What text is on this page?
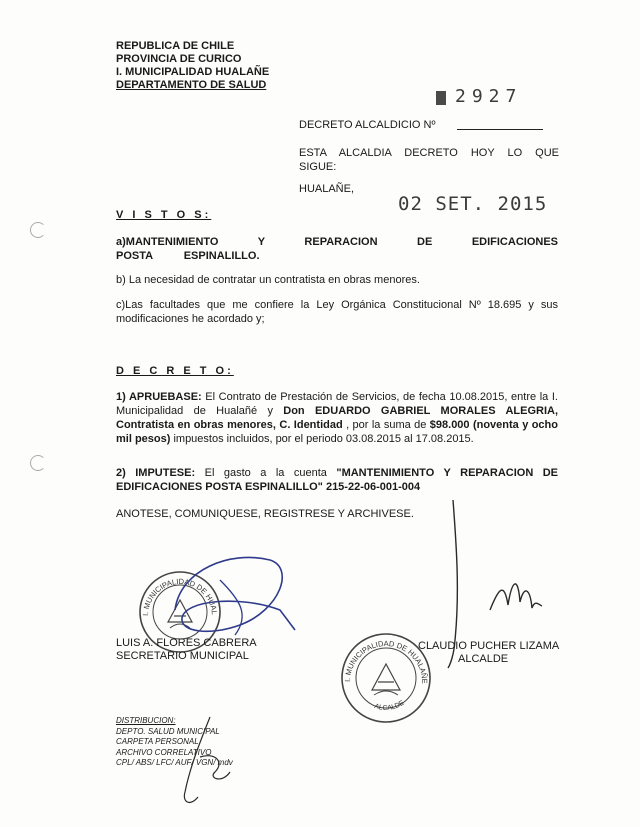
REPUBLICA DE CHILE
PROVINCIA DE CURICO
I. MUNICIPALIDAD HUALAÑE
DEPARTAMENTO DE SALUD
2927
DECRETO ALCALDICIO Nº
ESTA ALCALDIA DECRETO HOY LO QUE
SIGUE:
HUALAÑE,
02 SET. 2015
V I S T O S:
a)MANTENIMIENTO Y REPARACION DE EDIFICACIONES POSTA ESPINALILLO.
b) La necesidad de contratar un contratista en obras menores.
c)Las facultades que me confiere la Ley Orgánica Constitucional Nº 18.695 y sus modificaciones he acordado y;
D E C R E T O:
1) APRUEBASE: El Contrato de Prestación de Servicios, de fecha 10.08.2015, entre la I. Municipalidad de Hualañé y Don EDUARDO GABRIEL MORALES ALEGRIA, Contratista en obras menores, C. Identidad , por la suma de $98.000 (noventa y ocho mil pesos) impuestos incluidos, por el periodo 03.08.2015 al 17.08.2015.
2) IMPUTESE: El gasto a la cuenta "MANTENIMIENTO Y REPARACION DE EDIFICACIONES POSTA ESPINALILLO" 215-22-06-001-004
ANOTESE, COMUNIQUESE, REGISTRESE Y ARCHIVESE.
I. MUNICIPALIDAD DE HUAL
LUIS A. FLORES CABRERA
SECRETARIO MUNICIPAL
I. MUNICIPALIDAD DE HUALAÑE
ALCALDE
CLAUDIO PUCHER LIZAMA
ALCALDE
DISTRIBUCION:
DEPTO. SALUD MUNICIPAL
CARPETA PERSONAL
ARCHIVO CORRELATIVO
CPL/ ABS/ LFC/ AUF/ VGN/ mdv
